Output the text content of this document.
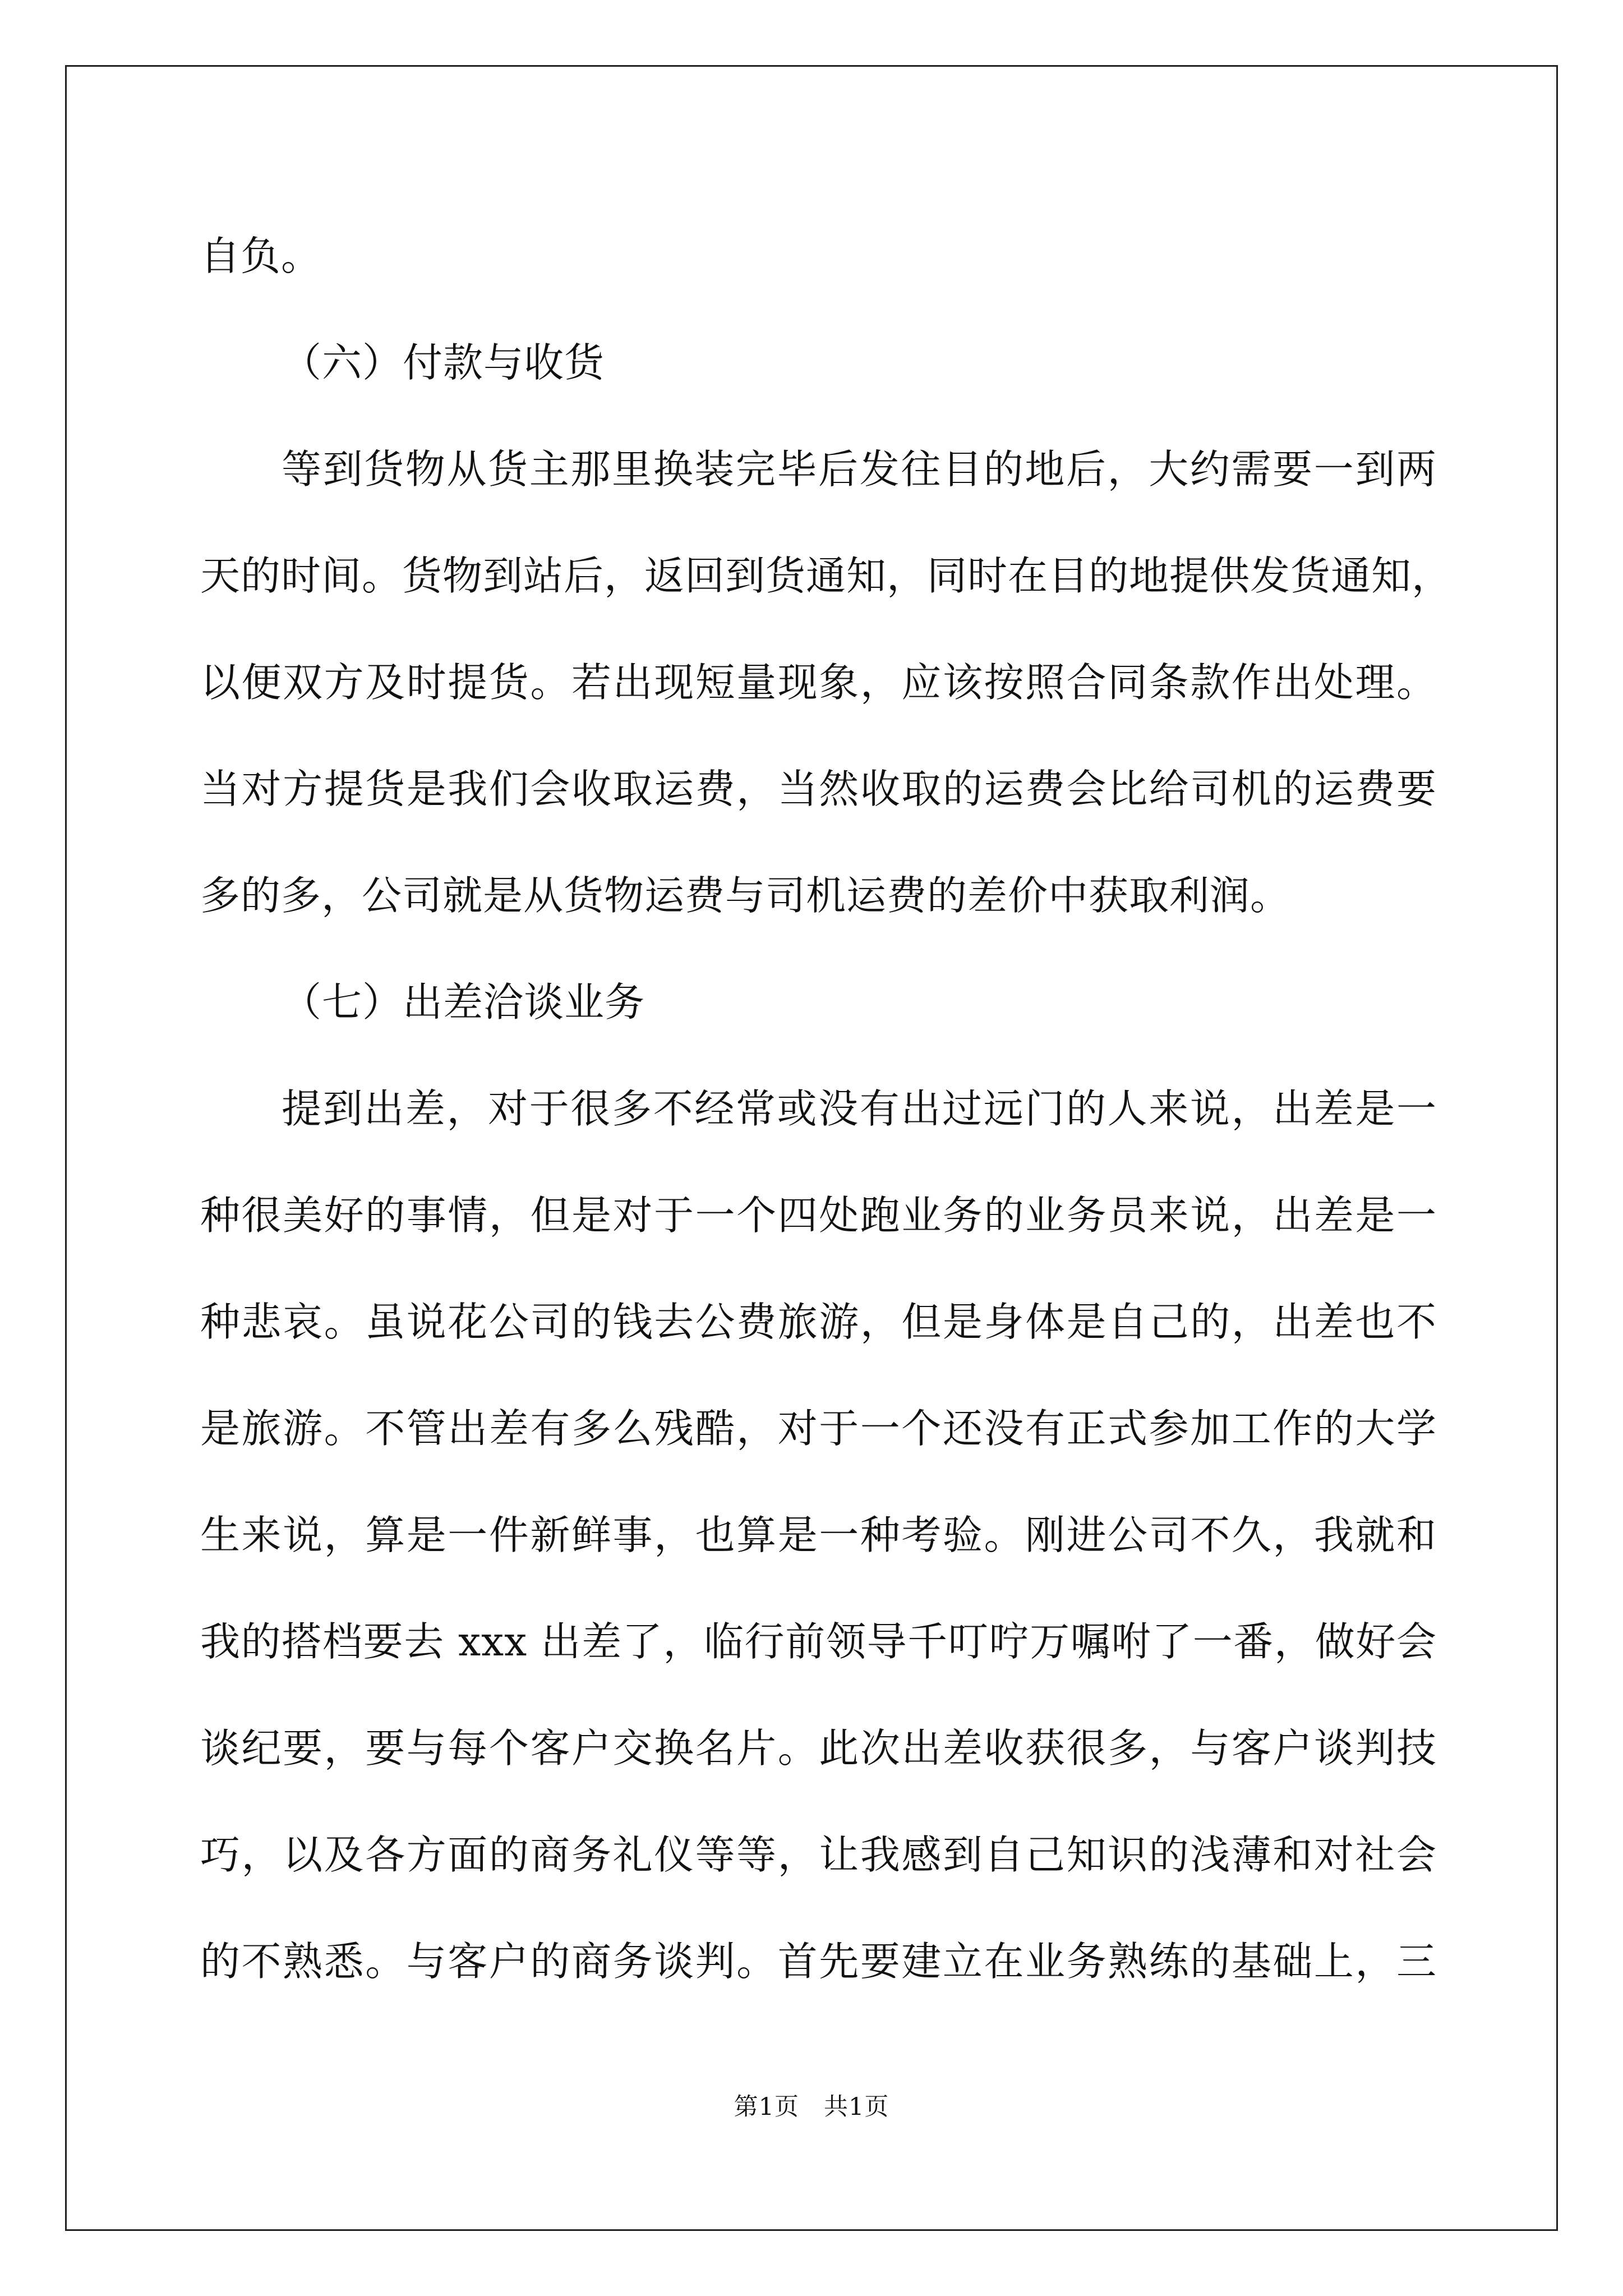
自负。

（六）付款与收货

等到货物从货主那里换装完毕后发往目的地后，大约需要一到两

天的时间。货物到站后，返回到货通知，同时在目的地提供发货通知，

以便双方及时提货。若出现短量现象，应该按照合同条款作出处理。

当对方提货是我们会收取运费，当然收取的运费会比给司机的运费要

多的多，公司就是从货物运费与司机运费的差价中获取利润。

（七）出差洽谈业务

提到出差，对于很多不经常或没有出过远门的人来说，出差是一

种很美好的事情，但是对于一个四处跑业务的业务员来说，出差是一

种悲哀。虽说花公司的钱去公费旅游，但是身体是自己的，出差也不

是旅游。不管出差有多么残酷，对于一个还没有正式参加工作的大学

生来说，算是一件新鲜事，也算是一种考验。刚进公司不久，我就和

我的搭档要去 xxx 出差了，临行前领导千叮咛万嘱咐了一番，做好会

谈纪要，要与每个客户交换名片。此次出差收获很多，与客户谈判技

巧，以及各方面的商务礼仪等等，让我感到自己知识的浅薄和对社会

的不熟悉。与客户的商务谈判。首先要建立在业务熟练的基础上，三

第1页　共1页
